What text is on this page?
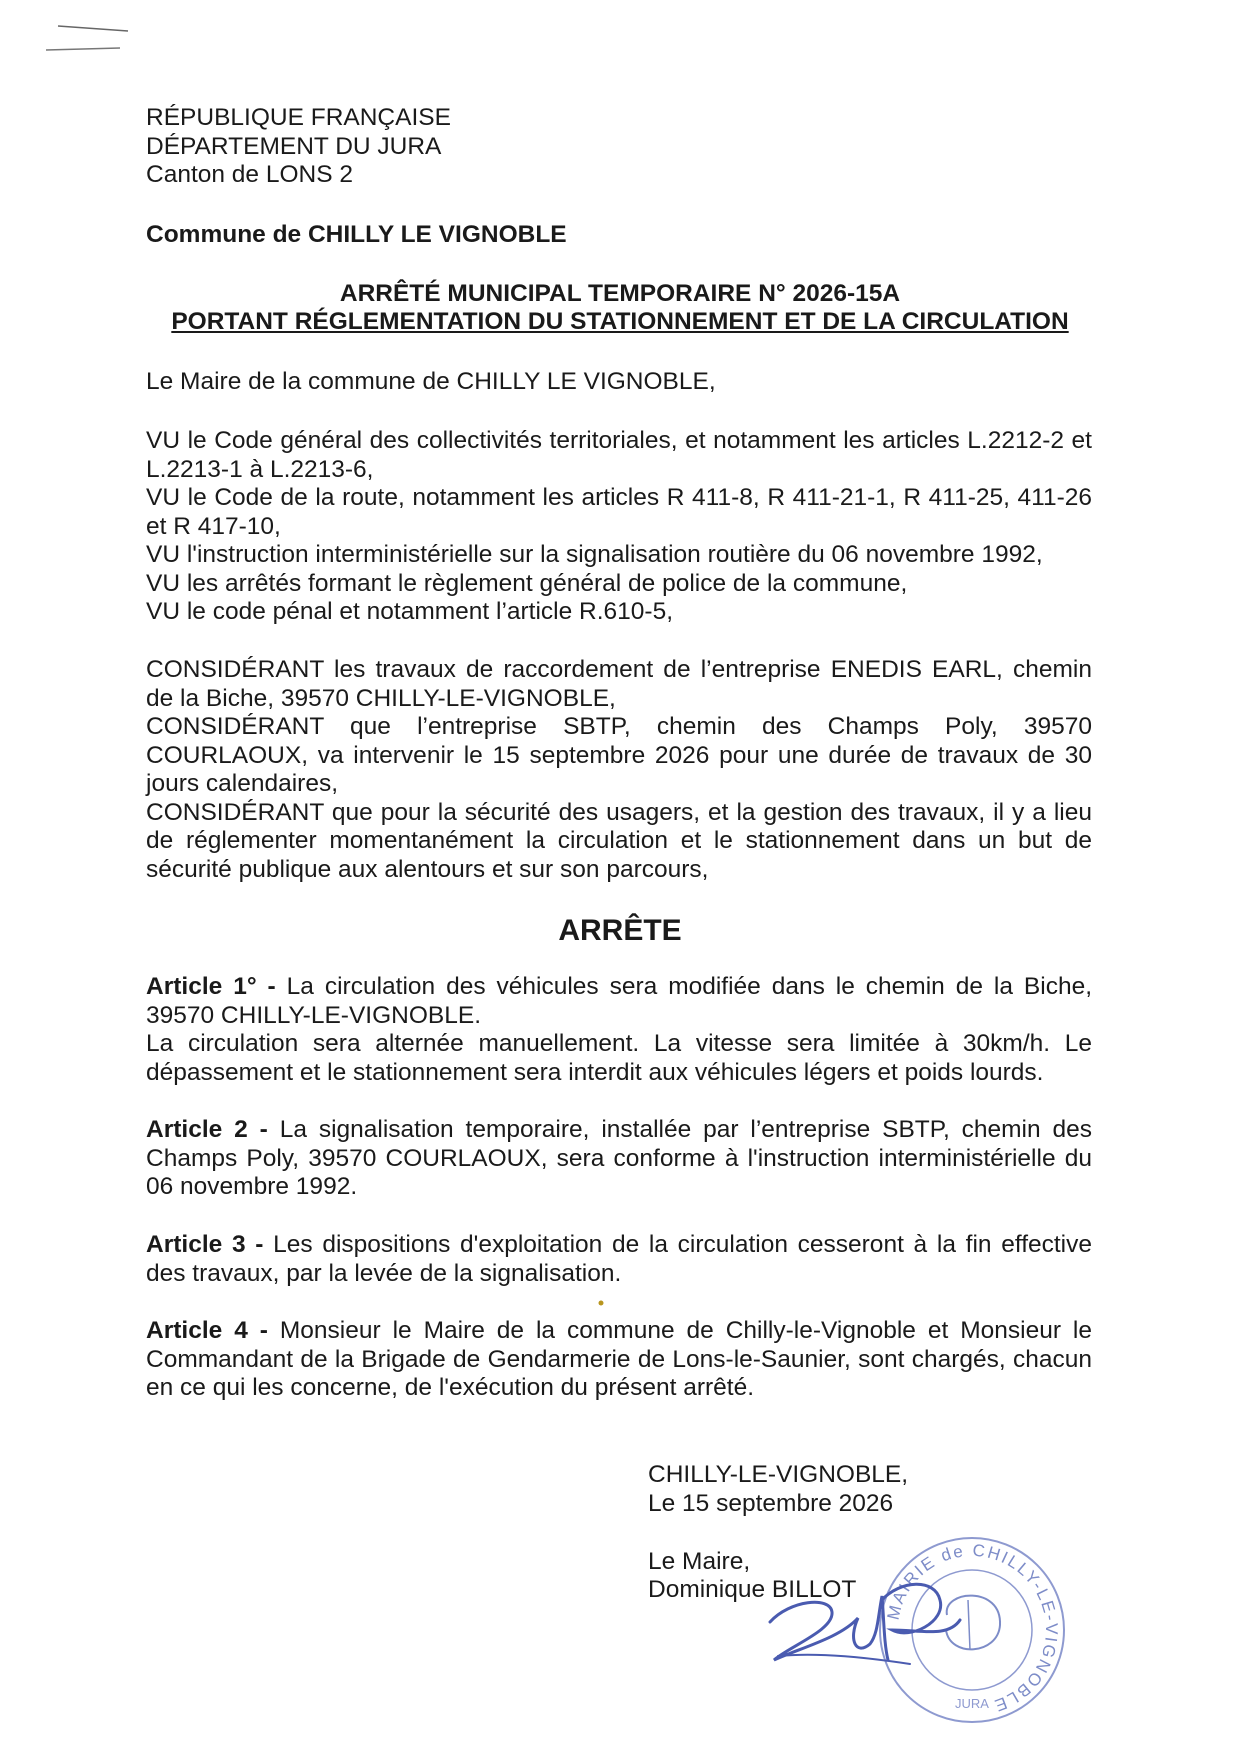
RÉPUBLIQUE FRANÇAISE
DÉPARTEMENT DU JURA
Canton de LONS 2
Commune de CHILLY LE VIGNOBLE
ARRÊTÉ MUNICIPAL TEMPORAIRE N° 2026-15A
PORTANT RÉGLEMENTATION DU STATIONNEMENT ET DE LA CIRCULATION

Le Maire de la commune de CHILLY LE VIGNOBLE,

VU le Code général des collectivités territoriales, et notamment les articles L.2212-2 et L.2213-1 à L.2213-6,

VU le Code de la route, notamment les articles R 411-8, R 411-21-1, R 411-25, 411-26 et R 417-10,

VU l'instruction interministérielle sur la signalisation routière du 06 novembre 1992,

VU les arrêtés formant le règlement général de police de la commune,

VU le code pénal et notamment l’article R.610-5,

CONSIDÉRANT les travaux de raccordement de l’entreprise ENEDIS EARL, chemin de la Biche, 39570 CHILLY-LE-VIGNOBLE,

CONSIDÉRANT que l’entreprise SBTP, chemin des Champs Poly, 39570 COURLAOUX, va intervenir le 15 septembre 2026 pour une durée de travaux de 30 jours calendaires,

CONSIDÉRANT que pour la sécurité des usagers, et la gestion des travaux, il y a lieu de réglementer momentanément la circulation et le stationnement dans un but de sécurité publique aux alentours et sur son parcours,

ARRÊTE

Article 1° - La circulation des véhicules sera modifiée dans le chemin de la Biche, 39570 CHILLY-LE-VIGNOBLE.

La circulation sera alternée manuellement. La vitesse sera limitée à 30km/h. Le dépassement et le stationnement sera interdit aux véhicules légers et poids lourds.

Article 2 - La signalisation temporaire, installée par l’entreprise SBTP, chemin des Champs Poly, 39570 COURLAOUX, sera conforme à l'instruction interministérielle du 06 novembre 1992.

Article 3 - Les dispositions d'exploitation de la circulation cesseront à la fin effective des travaux, par la levée de la signalisation.

Article 4 - Monsieur le Maire de la commune de Chilly-le-Vignoble et Monsieur le Commandant de la Brigade de Gendarmerie de Lons-le-Saunier, sont chargés, chacun en ce qui les concerne, de l'exécution du présent arrêté.

CHILLY-LE-VIGNOBLE,
Le 15 septembre 2026
Le Maire,
Dominique BILLOT
MAIRIE de CHILLY-LE-VIGNOBLE
JURA
